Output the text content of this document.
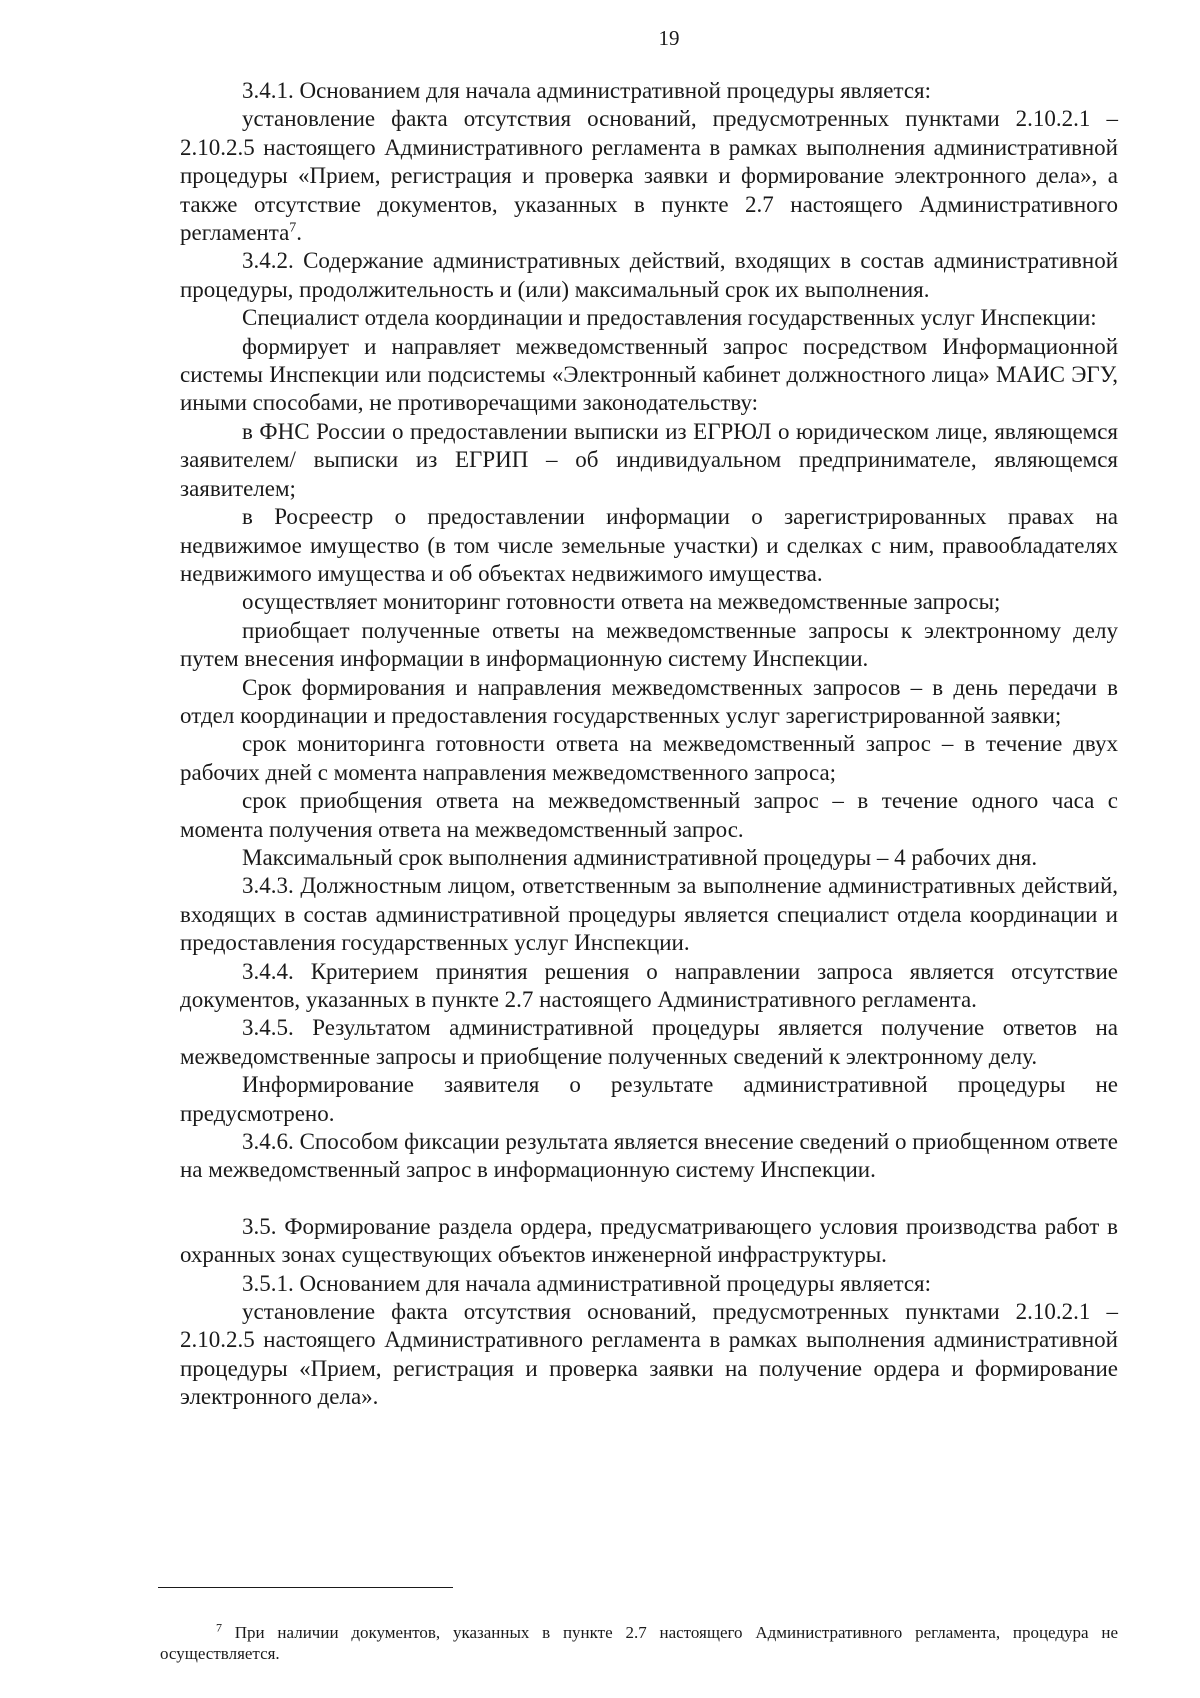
19

3.4.1. Основанием для начала административной процедуры является:

установление факта отсутствия оснований, предусмотренных пунктами 2.10.2.1 – 2.10.2.5 настоящего Административного регламента в рамках выполнения административной процедуры «Прием, регистрация и проверка заявки и формирование электронного дела», а также отсутствие документов, указанных в пункте 2.7 настоящего Административного регламента$^7$.

3.4.2. Содержание административных действий, входящих в состав административной процедуры, продолжительность и (или) максимальный срок их выполнения.

Специалист отдела координации и предоставления государственных услуг Инспекции:

формирует и направляет межведомственный запрос посредством Информационной системы Инспекции или подсистемы «Электронный кабинет должностного лица» МАИС ЭГУ, иными способами, не противоречащими законодательству:

в ФНС России о предоставлении выписки из ЕГРЮЛ о юридическом лице, являющемся заявителем/ выписки из ЕГРИП – об индивидуальном предпринимателе, являющемся заявителем;

в Росреестр о предоставлении информации о зарегистрированных правах на недвижимое имущество (в том числе земельные участки) и сделках с ним, правообладателях недвижимого имущества и об объектах недвижимого имущества.

осуществляет мониторинг готовности ответа на межведомственные запросы;

приобщает полученные ответы на межведомственные запросы к электронному делу путем внесения информации в информационную систему Инспекции.

Срок формирования и направления межведомственных запросов – в день передачи в отдел координации и предоставления государственных услуг зарегистрированной заявки;

срок мониторинга готовности ответа на межведомственный запрос – в течение двух рабочих дней с момента направления межведомственного запроса;

срок приобщения ответа на межведомственный запрос – в течение одного часа с момента получения ответа на межведомственный запрос.

Максимальный срок выполнения административной процедуры – 4 рабочих дня.

3.4.3. Должностным лицом, ответственным за выполнение административных действий, входящих в состав административной процедуры является специалист отдела координации и предоставления государственных услуг Инспекции.

3.4.4. Критерием принятия решения о направлении запроса является отсутствие документов, указанных в пункте 2.7 настоящего Административного регламента.

3.4.5. Результатом административной процедуры является получение ответов на межведомственные запросы и приобщение полученных сведений к электронному делу.

Информирование заявителя о результате административной процедуры не предусмотрено.

3.4.6. Способом фиксации результата является внесение сведений о приобщенном ответе на межведомственный запрос в информационную систему Инспекции.

3.5. Формирование раздела ордера, предусматривающего условия производства работ в охранных зонах существующих объектов инженерной инфраструктуры.

3.5.1. Основанием для начала административной процедуры является:

установление факта отсутствия оснований, предусмотренных пунктами 2.10.2.1 – 2.10.2.5 настоящего Административного регламента в рамках выполнения административной процедуры «Прием, регистрация и проверка заявки на получение ордера и формирование электронного дела».

$^7$ При наличии документов, указанных в пункте 2.7 настоящего Административного регламента, процедура не осуществляется.
